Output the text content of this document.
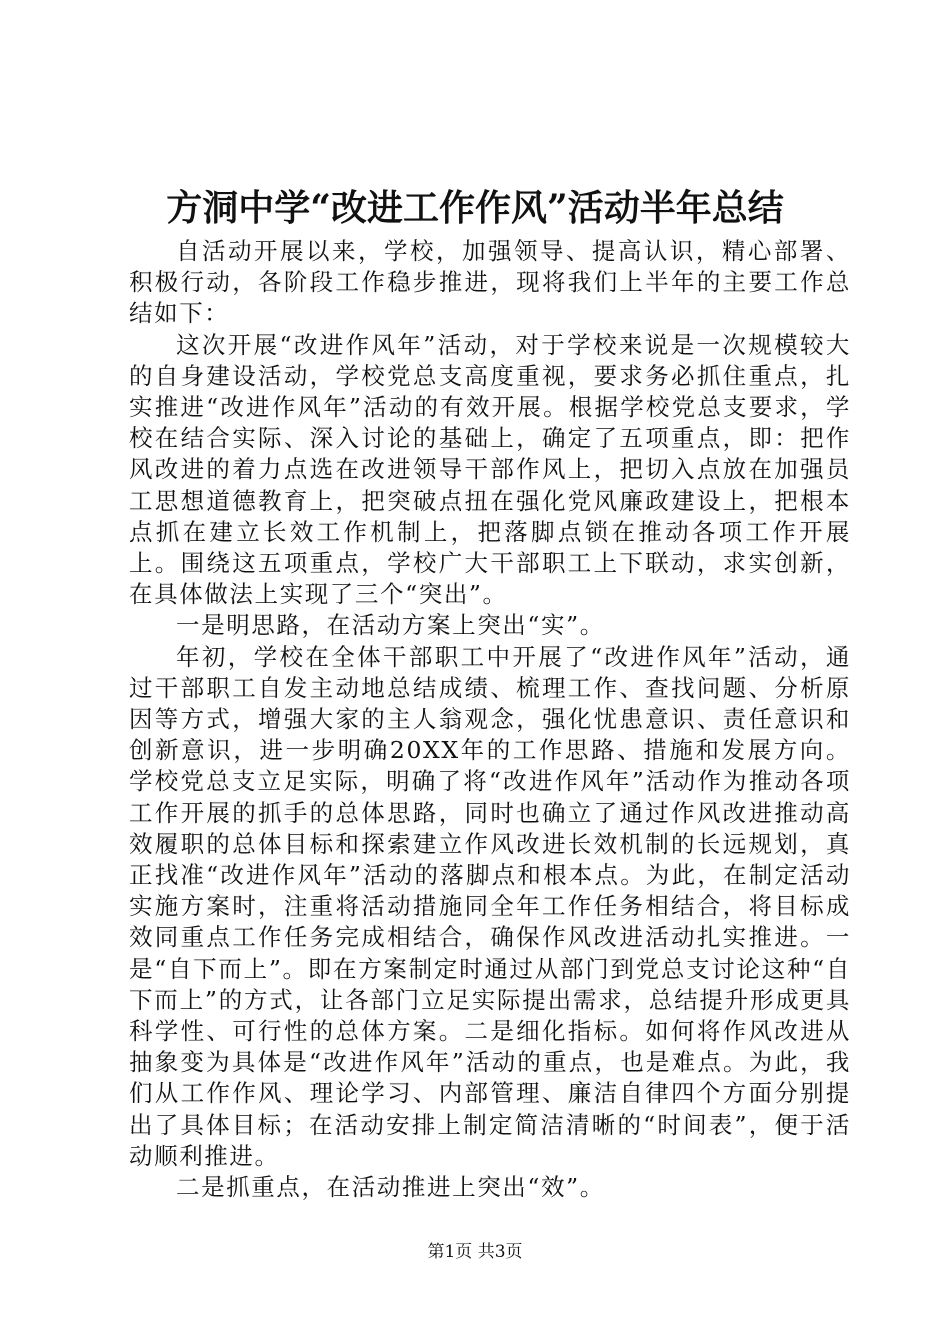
方洞中学“改进工作作风”活动半年总结

自活动开展以来，学校，加强领导、提高认识，精心部署、积极行动，各阶段工作稳步推进，现将我们上半年的主要工作总结如下：

这次开展“改进作风年”活动，对于学校来说是一次规模较大的自身建设活动，学校党总支高度重视，要求务必抓住重点，扎实推进“改进作风年”活动的有效开展。根据学校党总支要求，学校在结合实际、深入讨论的基础上，确定了五项重点，即：把作风改进的着力点选在改进领导干部作风上，把切入点放在加强员工思想道德教育上，把突破点扭在强化党风廉政建设上，把根本点抓在建立长效工作机制上，把落脚点锁在推动各项工作开展上。围绕这五项重点，学校广大干部职工上下联动，求实创新，在具体做法上实现了三个“突出”。

一是明思路，在活动方案上突出“实”。

年初，学校在全体干部职工中开展了“改进作风年”活动，通过干部职工自发主动地总结成绩、梳理工作、查找问题、分析原因等方式，增强大家的主人翁观念，强化忧患意识、责任意识和创新意识，进一步明确20XX年的工作思路、措施和发展方向。学校党总支立足实际，明确了将“改进作风年”活动作为推动各项工作开展的抓手的总体思路，同时也确立了通过作风改进推动高效履职的总体目标和探索建立作风改进长效机制的长远规划，真正找准“改进作风年”活动的落脚点和根本点。为此，在制定活动实施方案时，注重将活动措施同全年工作任务相结合，将目标成效同重点工作任务完成相结合，确保作风改进活动扎实推进。一是“自下而上”。即在方案制定时通过从部门到党总支讨论这种“自下而上”的方式，让各部门立足实际提出需求，总结提升形成更具科学性、可行性的总体方案。二是细化指标。如何将作风改进从抽象变为具体是“改进作风年”活动的重点，也是难点。为此，我们从工作作风、理论学习、内部管理、廉洁自律四个方面分别提出了具体目标；在活动安排上制定简洁清晰的“时间表”，便于活动顺利推进。

二是抓重点，在活动推进上突出“效”。

第1页 共3页
